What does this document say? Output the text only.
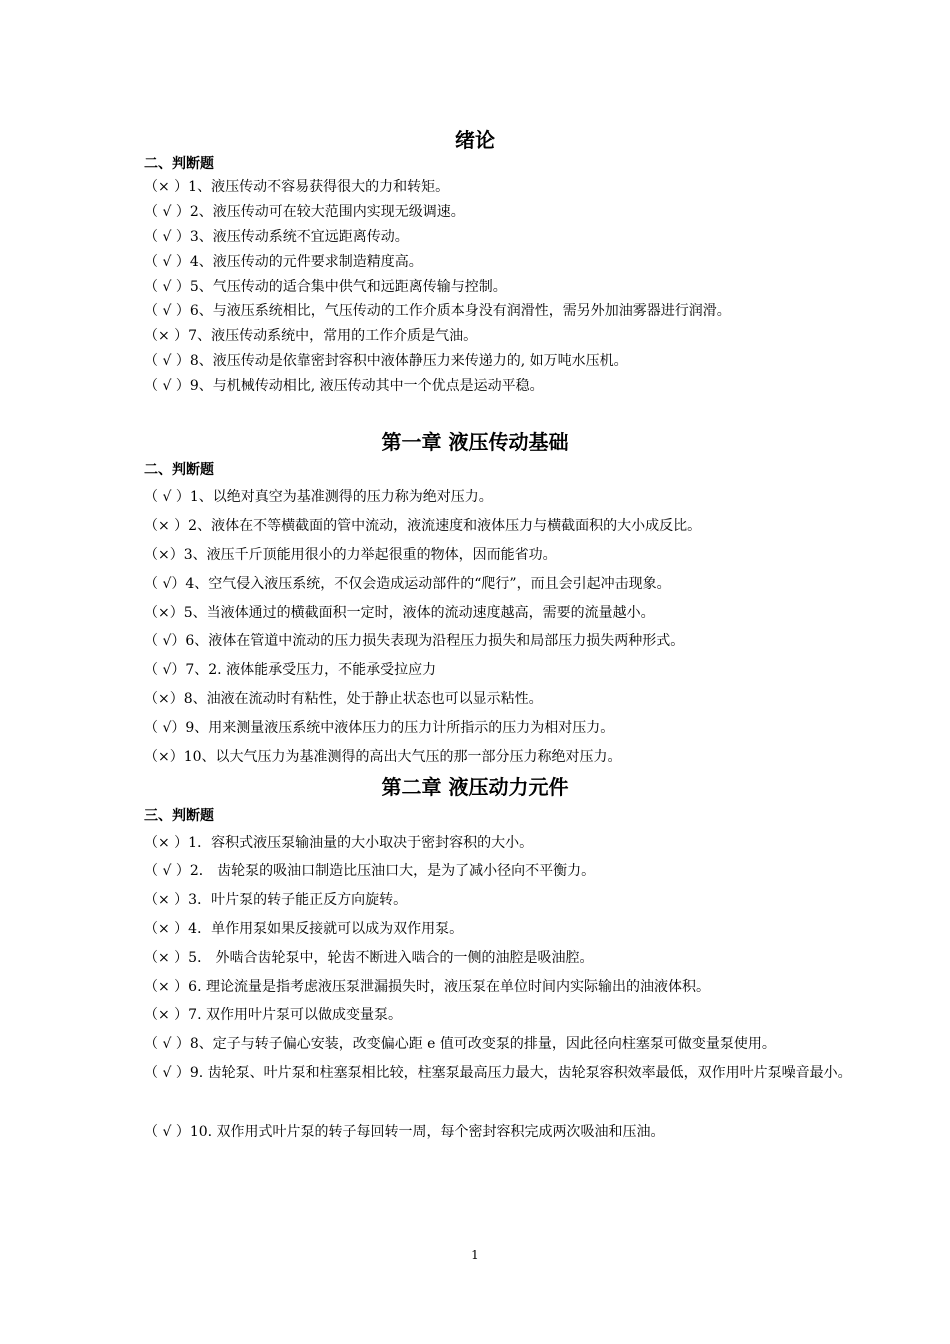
绪论
二、判断题
（× ）1、液压传动不容易获得很大的力和转矩。
（ √ ）2、液压传动可在较大范围内实现无级调速。
（ √ ）3、液压传动系统不宜远距离传动。
（ √ ）4、液压传动的元件要求制造精度高。
（ √ ）5、气压传动的适合集中供气和远距离传输与控制。
（ √ ）6、与液压系统相比，气压传动的工作介质本身没有润滑性，需另外加油雾器进行润滑。
（× ）7、液压传动系统中，常用的工作介质是气油。
（ √ ）8、液压传动是依靠密封容积中液体静压力来传递力的, 如万吨水压机。
（ √ ）9、与机械传动相比, 液压传动其中一个优点是运动平稳。
第一章 液压传动基础
二、判断题
（ √ ）1、以绝对真空为基准测得的压力称为绝对压力。
（× ）2、液体在不等横截面的管中流动，液流速度和液体压力与横截面积的大小成反比。
（×）3、液压千斤顶能用很小的力举起很重的物体，因而能省功。
（ √）4、空气侵入液压系统，不仅会造成运动部件的“爬行”，而且会引起冲击现象。
（×）5、当液体通过的横截面积一定时，液体的流动速度越高，需要的流量越小。
（ √）6、液体在管道中流动的压力损失表现为沿程压力损失和局部压力损失两种形式。
（ √）7、2. 液体能承受压力，不能承受拉应力
（×）8、油液在流动时有粘性，处于静止状态也可以显示粘性。
（ √）9、用来测量液压系统中液体压力的压力计所指示的压力为相对压力。
（×）10、以大气压力为基准测得的高出大气压的那一部分压力称绝对压力。
第二章 液压动力元件
三、判断题
（× ）1．容积式液压泵输油量的大小取决于密封容积的大小。
（ √ ）2． 齿轮泵的吸油口制造比压油口大，是为了减小径向不平衡力。
（× ）3．叶片泵的转子能正反方向旋转。
（× ）4．单作用泵如果反接就可以成为双作用泵。
（× ）5． 外啮合齿轮泵中，轮齿不断进入啮合的一侧的油腔是吸油腔。
（× ）6. 理论流量是指考虑液压泵泄漏损失时，液压泵在单位时间内实际输出的油液体积。
（× ）7. 双作用叶片泵可以做成变量泵。
（ √ ）8、定子与转子偏心安装，改变偏心距 e 值可改变泵的排量，因此径向柱塞泵可做变量泵使用。
（ √ ）9. 齿轮泵、叶片泵和柱塞泵相比较，柱塞泵最高压力最大，齿轮泵容积效率最低，双作用叶片泵噪音最小。
（ √ ）10. 双作用式叶片泵的转子每回转一周，每个密封容积完成两次吸油和压油。
1
